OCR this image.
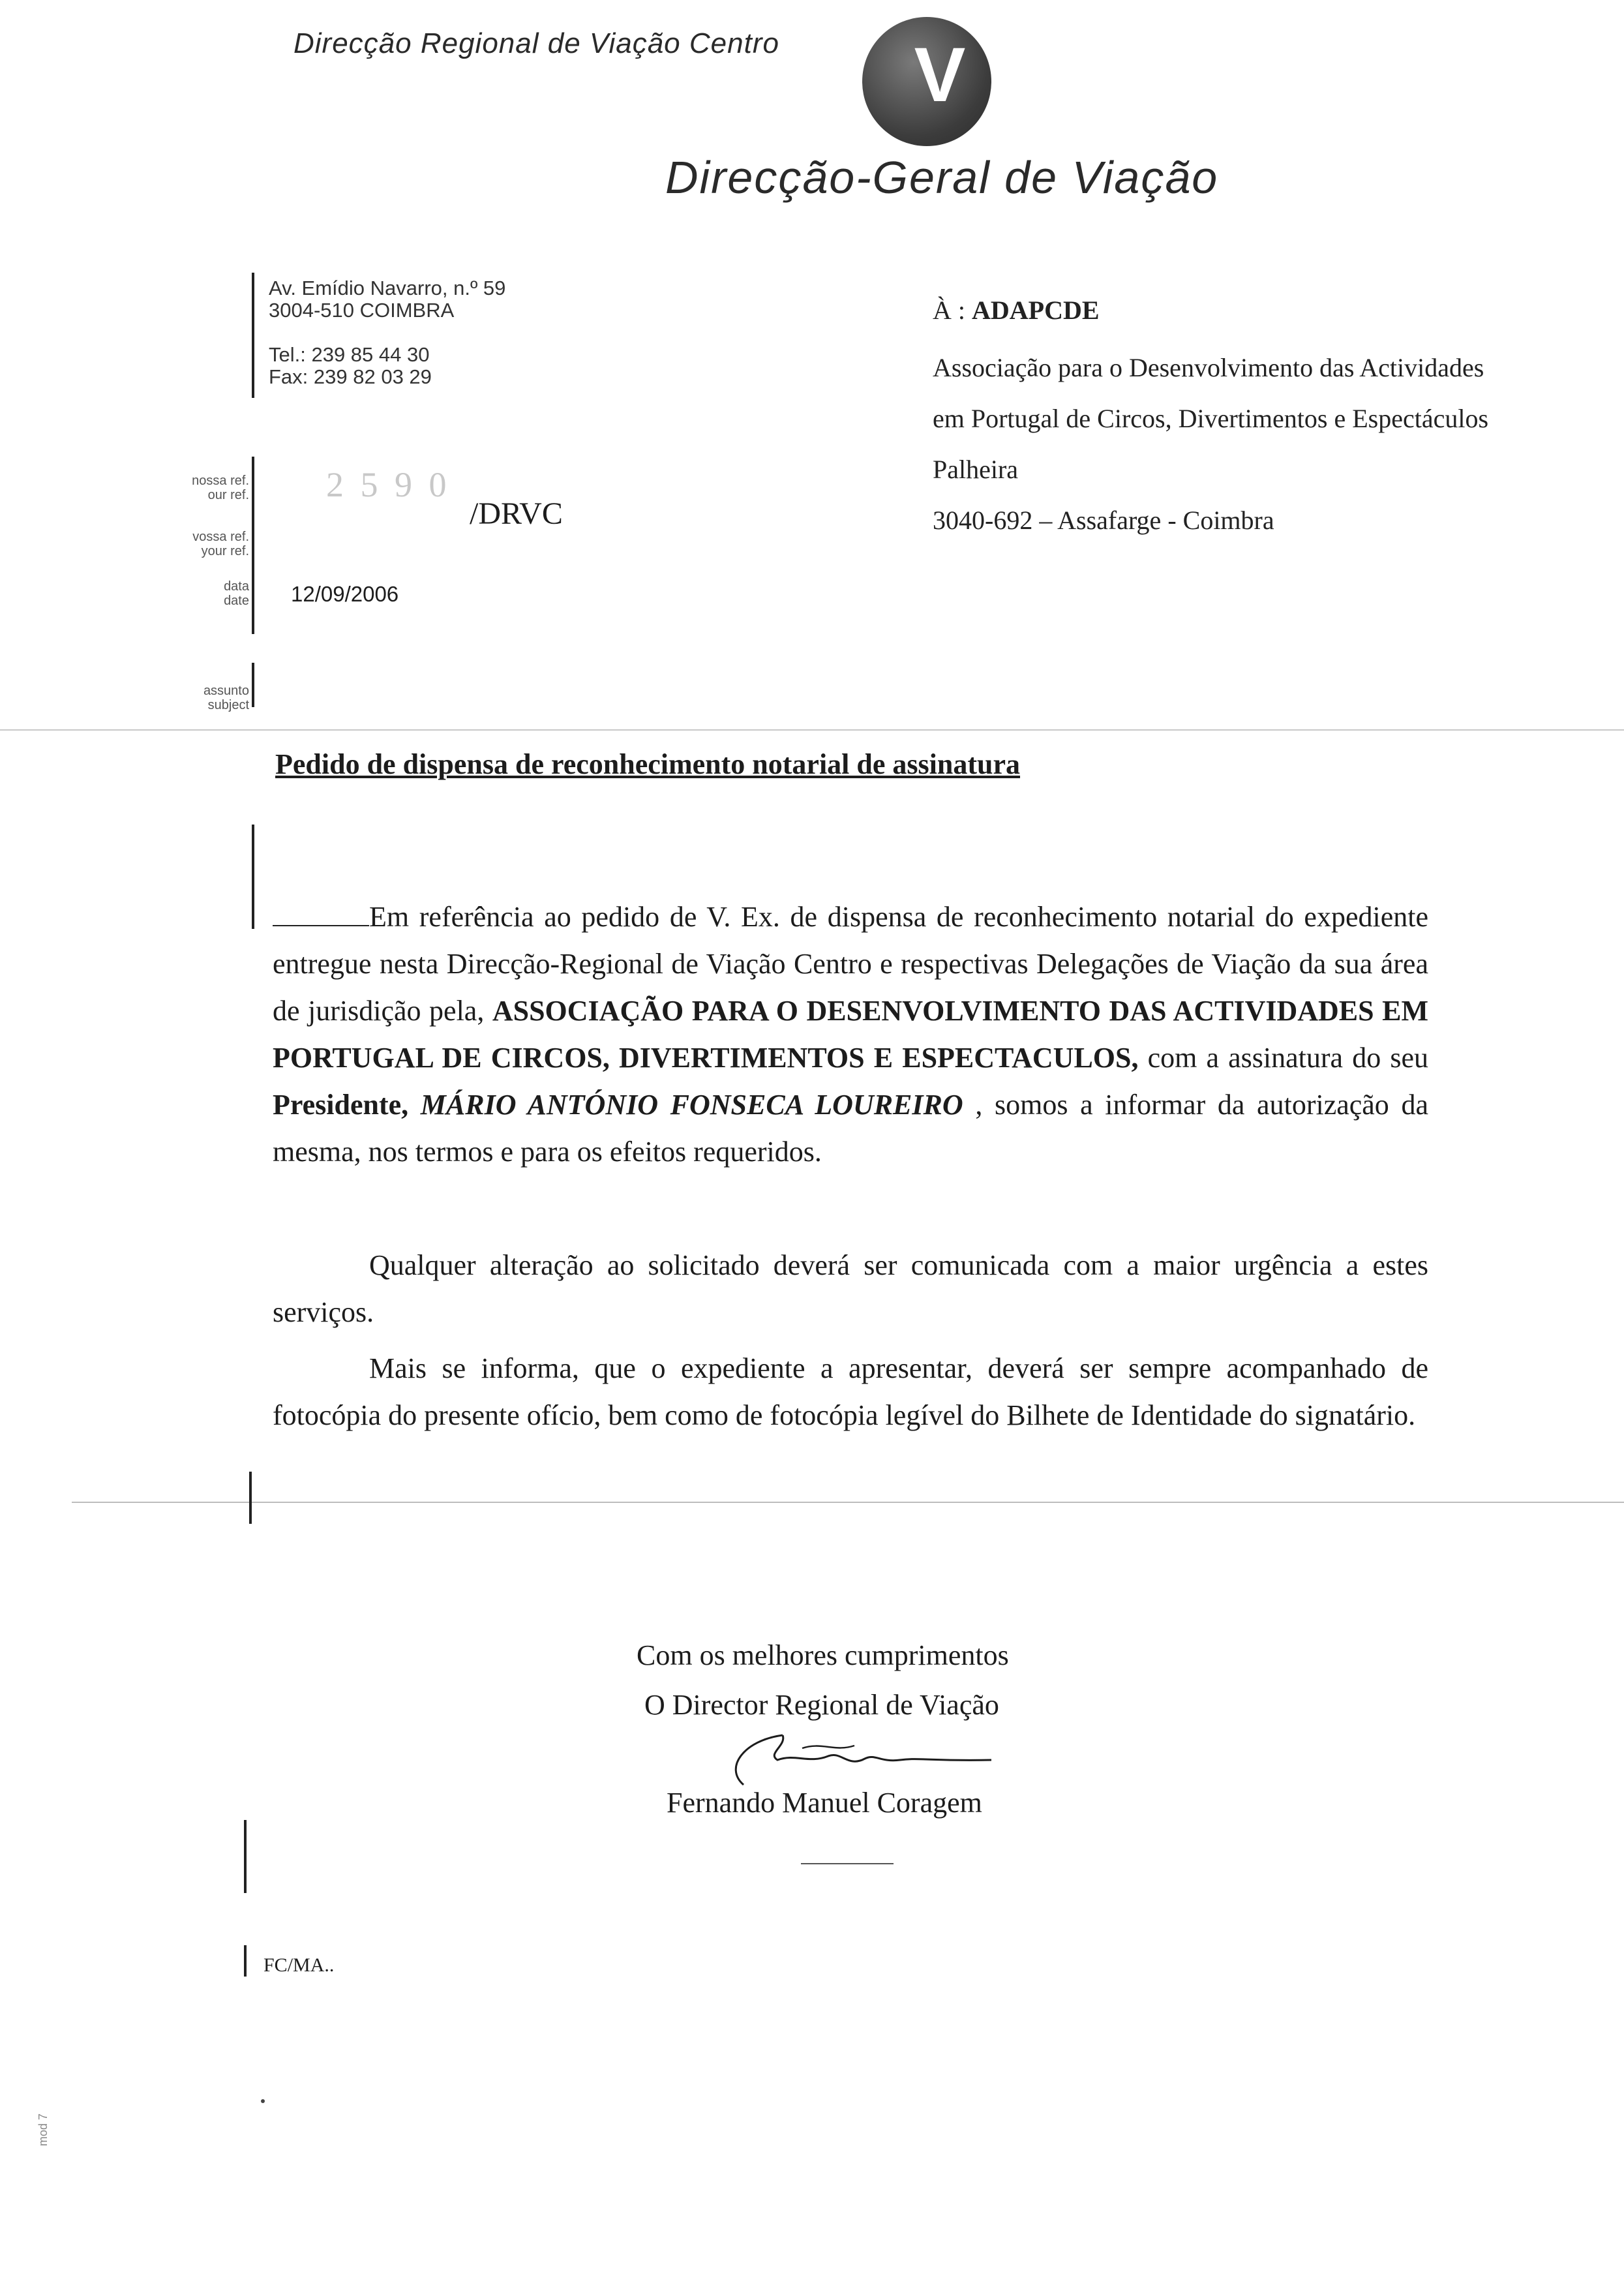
Direcção Regional de Viação Centro V
Direcção-Geral de Viação
Av. Emídio Navarro, n.º 59
3004-510 COIMBRA
Tel.: 239 85 44 30
Fax: 239 82 03 29
nossa ref.
our ref.
vossa ref.
your ref.
data
date
assunto
subject
2 5 9 0
/DRVC
12/09/2006
À : ADAPCDE
Associação para o Desenvolvimento das Actividades
em Portugal de Circos, Divertimentos e Espectáculos
Palheira
3040-692 – Assafarge - Coimbra
Pedido de dispensa de reconhecimento notarial de assinatura
Em referência ao pedido de V. Ex. de dispensa de reconhecimento notarial do expediente entregue nesta Direcção-Regional de Viação Centro e respectivas Delegações de Viação da sua área de jurisdição pela, ASSOCIAÇÃO PARA O DESENVOLVIMENTO DAS ACTIVIDADES EM PORTUGAL DE CIRCOS, DIVERTIMENTOS E ESPECTACULOS, com a assinatura do seu Presidente, MÁRIO ANTÓNIO FONSECA LOUREIRO , somos a informar da autorização da mesma, nos termos e para os efeitos requeridos.
Qualquer alteração ao solicitado deverá ser comunicada com a maior urgência a estes serviços.
Mais se informa, que o expediente a apresentar, deverá ser sempre acompanhado de fotocópia do presente ofício, bem como de fotocópia legível do Bilhete de Identidade do signatário.
Com os melhores cumprimentos
O Director Regional de Viação
Fernando Manuel Coragem
FC/MA..
mod 7
